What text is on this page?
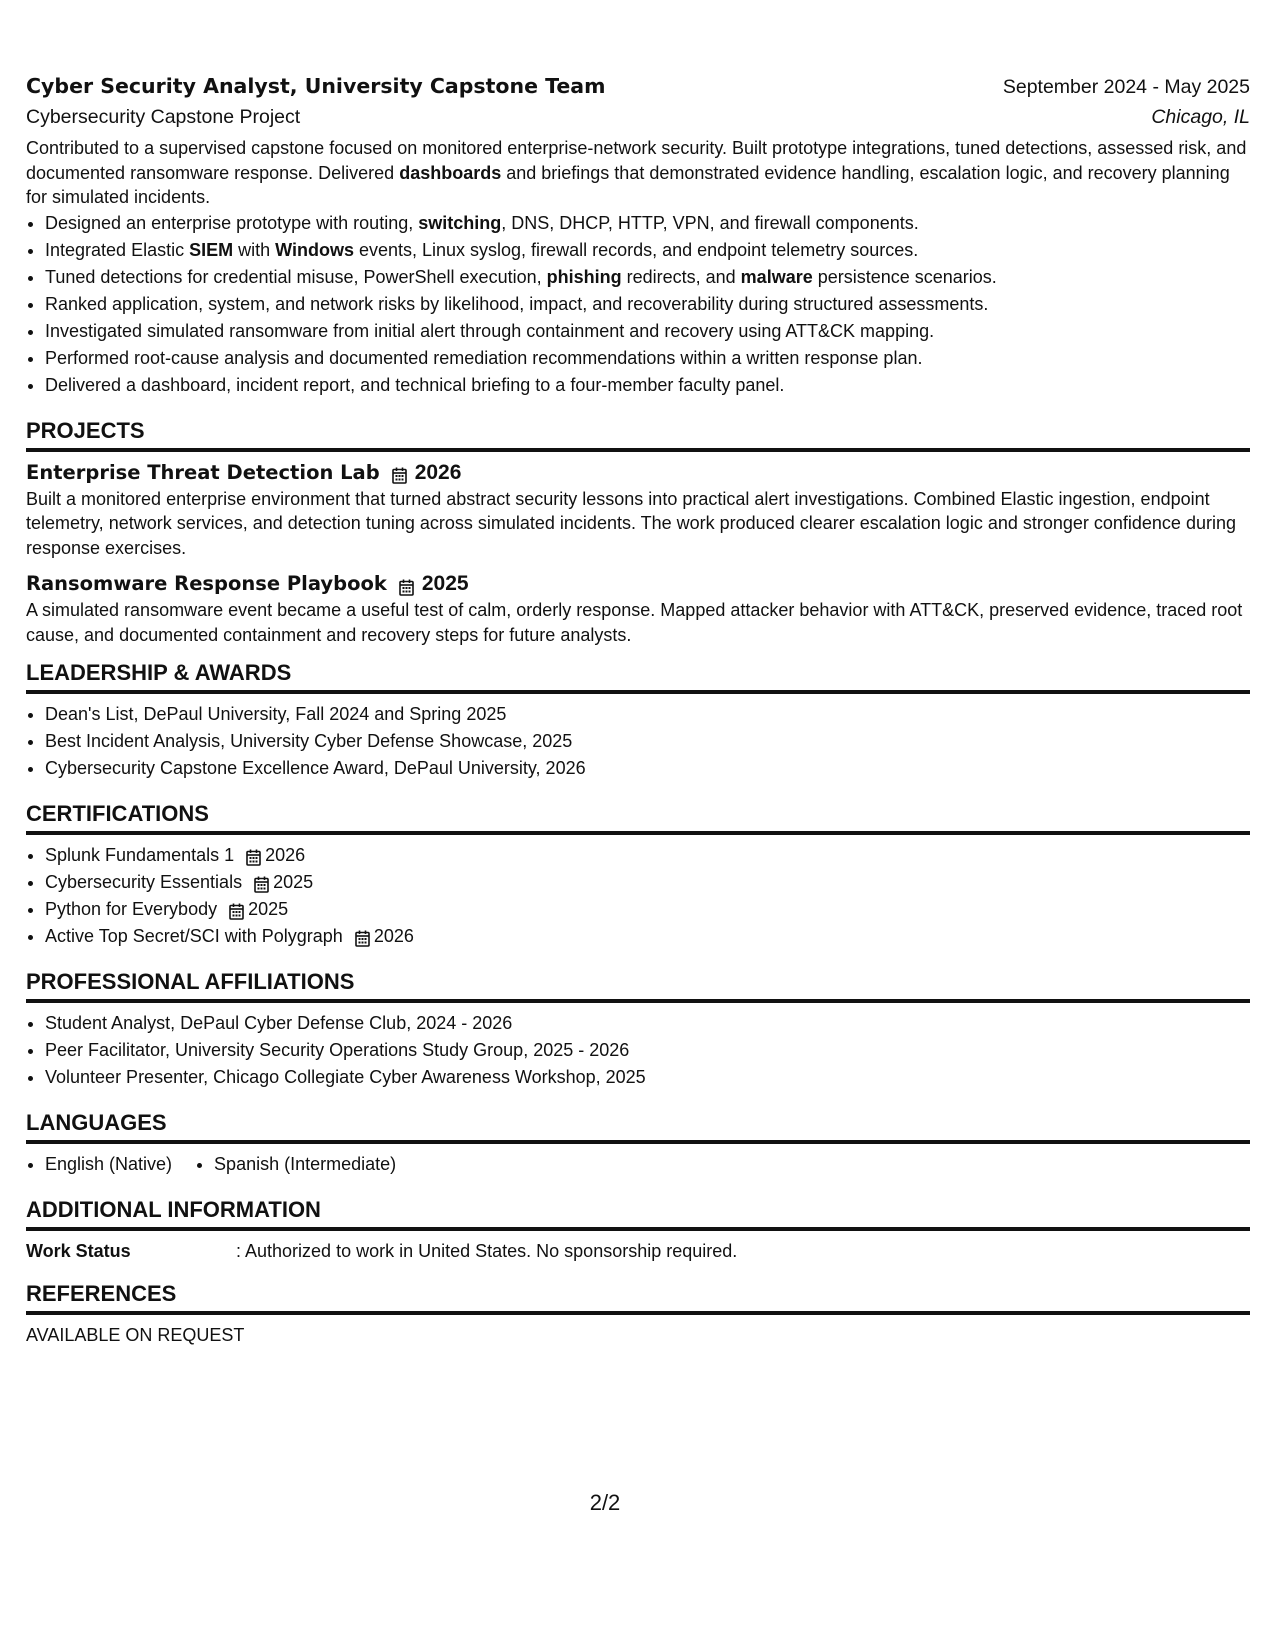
Cyber Security Analyst, University Capstone Team	September 2024 - May 2025
Cybersecurity Capstone Project	Chicago, IL
Contributed to a supervised capstone focused on monitored enterprise-network security. Built prototype integrations, tuned detections, assessed risk, and documented ransomware response. Delivered dashboards and briefings that demonstrated evidence handling, escalation logic, and recovery planning for simulated incidents.
• Designed an enterprise prototype with routing, switching, DNS, DHCP, HTTP, VPN, and firewall components.
• Integrated Elastic SIEM with Windows events, Linux syslog, firewall records, and endpoint telemetry sources.
• Tuned detections for credential misuse, PowerShell execution, phishing redirects, and malware persistence scenarios.
• Ranked application, system, and network risks by likelihood, impact, and recoverability during structured assessments.
• Investigated simulated ransomware from initial alert through containment and recovery using ATT&CK mapping.
• Performed root-cause analysis and documented remediation recommendations within a written response plan.
• Delivered a dashboard, incident report, and technical briefing to a four-member faculty panel.
PROJECTS
Enterprise Threat Detection Lab 2026
Built a monitored enterprise environment that turned abstract security lessons into practical alert investigations. Combined Elastic ingestion, endpoint telemetry, network services, and detection tuning across simulated incidents. The work produced clearer escalation logic and stronger confidence during response exercises.
Ransomware Response Playbook 2025
A simulated ransomware event became a useful test of calm, orderly response. Mapped attacker behavior with ATT&CK, preserved evidence, traced root cause, and documented containment and recovery steps for future analysts.
LEADERSHIP & AWARDS
• Dean's List, DePaul University, Fall 2024 and Spring 2025
• Best Incident Analysis, University Cyber Defense Showcase, 2025
• Cybersecurity Capstone Excellence Award, DePaul University, 2026
CERTIFICATIONS
• Splunk Fundamentals 1 2026
• Cybersecurity Essentials 2025
• Python for Everybody 2025
• Active Top Secret/SCI with Polygraph 2026
PROFESSIONAL AFFILIATIONS
• Student Analyst, DePaul Cyber Defense Club, 2024 - 2026
• Peer Facilitator, University Security Operations Study Group, 2025 - 2026
• Volunteer Presenter, Chicago Collegiate Cyber Awareness Workshop, 2025
LANGUAGES
• English (Native)
• Spanish (Intermediate)
ADDITIONAL INFORMATION
Work Status	: Authorized to work in United States. No sponsorship required.
REFERENCES
AVAILABLE ON REQUEST
2/2
